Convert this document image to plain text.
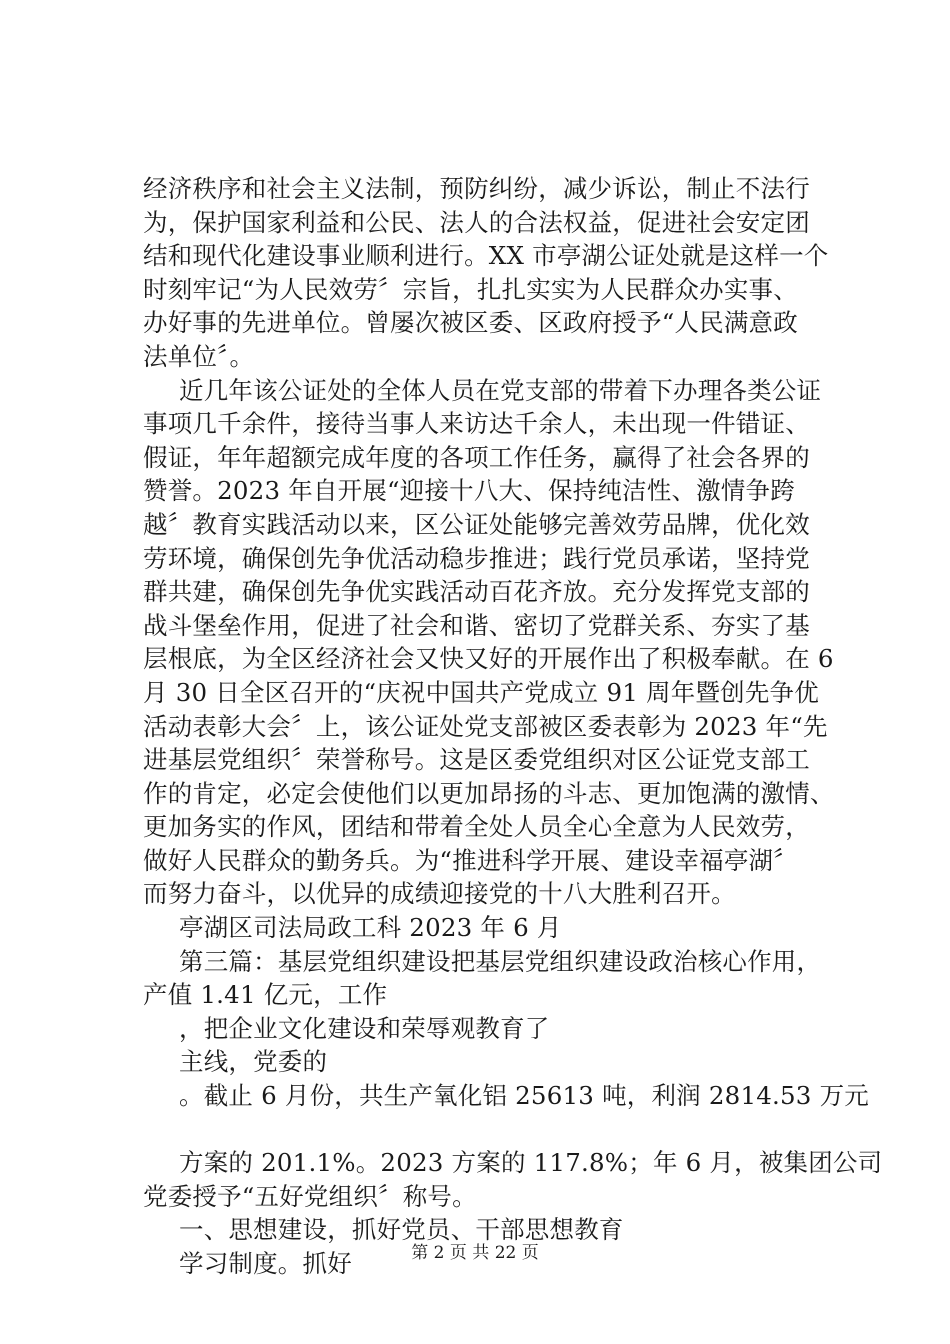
经济秩序和社会主义法制，预防纠纷，减少诉讼，制止不法行
为，保护国家利益和公民、法人的合法权益，促进社会安定团
结和现代化建设事业顺利进行。XX 市亭湖公证处就是这样一个
时刻牢记“为人民效劳〞宗旨，扎扎实实为人民群众办实事、
办好事的先进单位。曾屡次被区委、区政府授予“人民满意政
法单位〞。
近几年该公证处的全体人员在党支部的带着下办理各类公证
事项几千余件，接待当事人来访达千余人，未出现一件错证、
假证，年年超额完成年度的各项工作任务，赢得了社会各界的
赞誉。2023 年自开展“迎接十八大、保持纯洁性、激情争跨
越〞教育实践活动以来，区公证处能够完善效劳品牌，优化效
劳环境，确保创先争优活动稳步推进；践行党员承诺，坚持党
群共建，确保创先争优实践活动百花齐放。充分发挥党支部的
战斗堡垒作用，促进了社会和谐、密切了党群关系、夯实了基
层根底，为全区经济社会又快又好的开展作出了积极奉献。在 6
月 30 日全区召开的“庆祝中国共产党成立 91 周年暨创先争优
活动表彰大会〞上，该公证处党支部被区委表彰为 2023 年“先
进基层党组织〞荣誉称号。这是区委党组织对区公证党支部工
作的肯定，必定会使他们以更加昂扬的斗志、更加饱满的激情、
更加务实的作风，团结和带着全处人员全心全意为人民效劳，
做好人民群众的勤务兵。为“推进科学开展、建设幸福亭湖〞
而努力奋斗，以优异的成绩迎接党的十八大胜利召开。
亭湖区司法局政工科 2023 年 6 月
第三篇：基层党组织建设把基层党组织建设政治核心作用，
产值 1.41 亿元，工作
，把企业文化建设和荣辱观教育了
主线，党委的
。截止 6 月份，共生产氧化铝 25613 吨，利润 2814.53 万元
方案的 201.1%。2023 方案的 117.8%；年 6 月，被集团公司
党委授予“五好党组织〞称号。
一、思想建设，抓好党员、干部思想教育
学习制度。抓好	第 2 页 共 22 页
